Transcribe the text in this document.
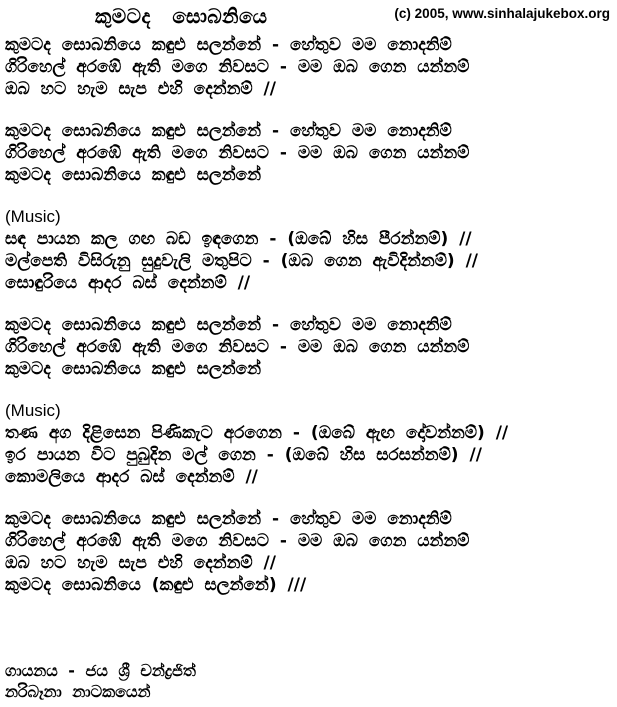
කුමටද සොබනියෙ	(c) 2005, www.sinhalajukebox.org
කුමටද සොබනියෙ කඳුළු සලන්නේ - හේතුව මම නොදනිම්
ගිරිහෙල් අරඹේ ඇති මගෙ නිවසට - මම ඔබ ගෙන යන්නම්
ඔබ හට හැම සැප එහි දෙන්නම් //
කුමටද සොබනියෙ කඳුළු සලන්නේ - හේතුව මම නොදනිම්
ගිරිහෙල් අරඹේ ඇති මගෙ නිවසට - මම ඔබ ගෙන යන්නම්
කුමටද සොබනියෙ කඳුළු සලන්නේ
(Music)
සඳ පායන කල ගඟ බඩ ඉඳගෙන - (ඔබේ හිස පීරන්නම්) //
මල්පෙති විසිරුනු සුදුවැලි මතුපිට - (ඔබ ගෙන ඇවිදින්නම්) //
සොඳුරියෙ ආදර බස් දෙන්නම් //
කුමටද සොබනියෙ කඳුළු සලන්නේ - හේතුව මම නොදනිම්
ගිරිහෙල් අරඹේ ඇති මගෙ නිවසට - මම ඔබ ගෙන යන්නම්
කුමටද සොබනියෙ කඳුළු සලන්නේ
(Music)
තණ අග දිළිසෙන පිණිකැට අරගෙන - (ඔබේ ඇඟ දෝවන්නම්) //
ඉර පායන විට පුබුදින මල් ගෙන - (ඔබේ හිස සරසන්නම්) //
කොමලියෙ ආදර බස් දෙන්නම් //
කුමටද සොබනියෙ කඳුළු සලන්නේ - හේතුව මම නොදනිම්
ගිරිහෙල් අරඹේ ඇති මගෙ නිවසට - මම ඔබ ගෙන යන්නම්
ඔබ හට හැම සැප එහි දෙන්නම් //
කුමටද සොබනියෙ (කඳුළු සලන්නේ) ///
ගායනය - ජය ශ්‍රී චන්ද්‍රජිත්
නරිබෑනා නාටකයෙන්
